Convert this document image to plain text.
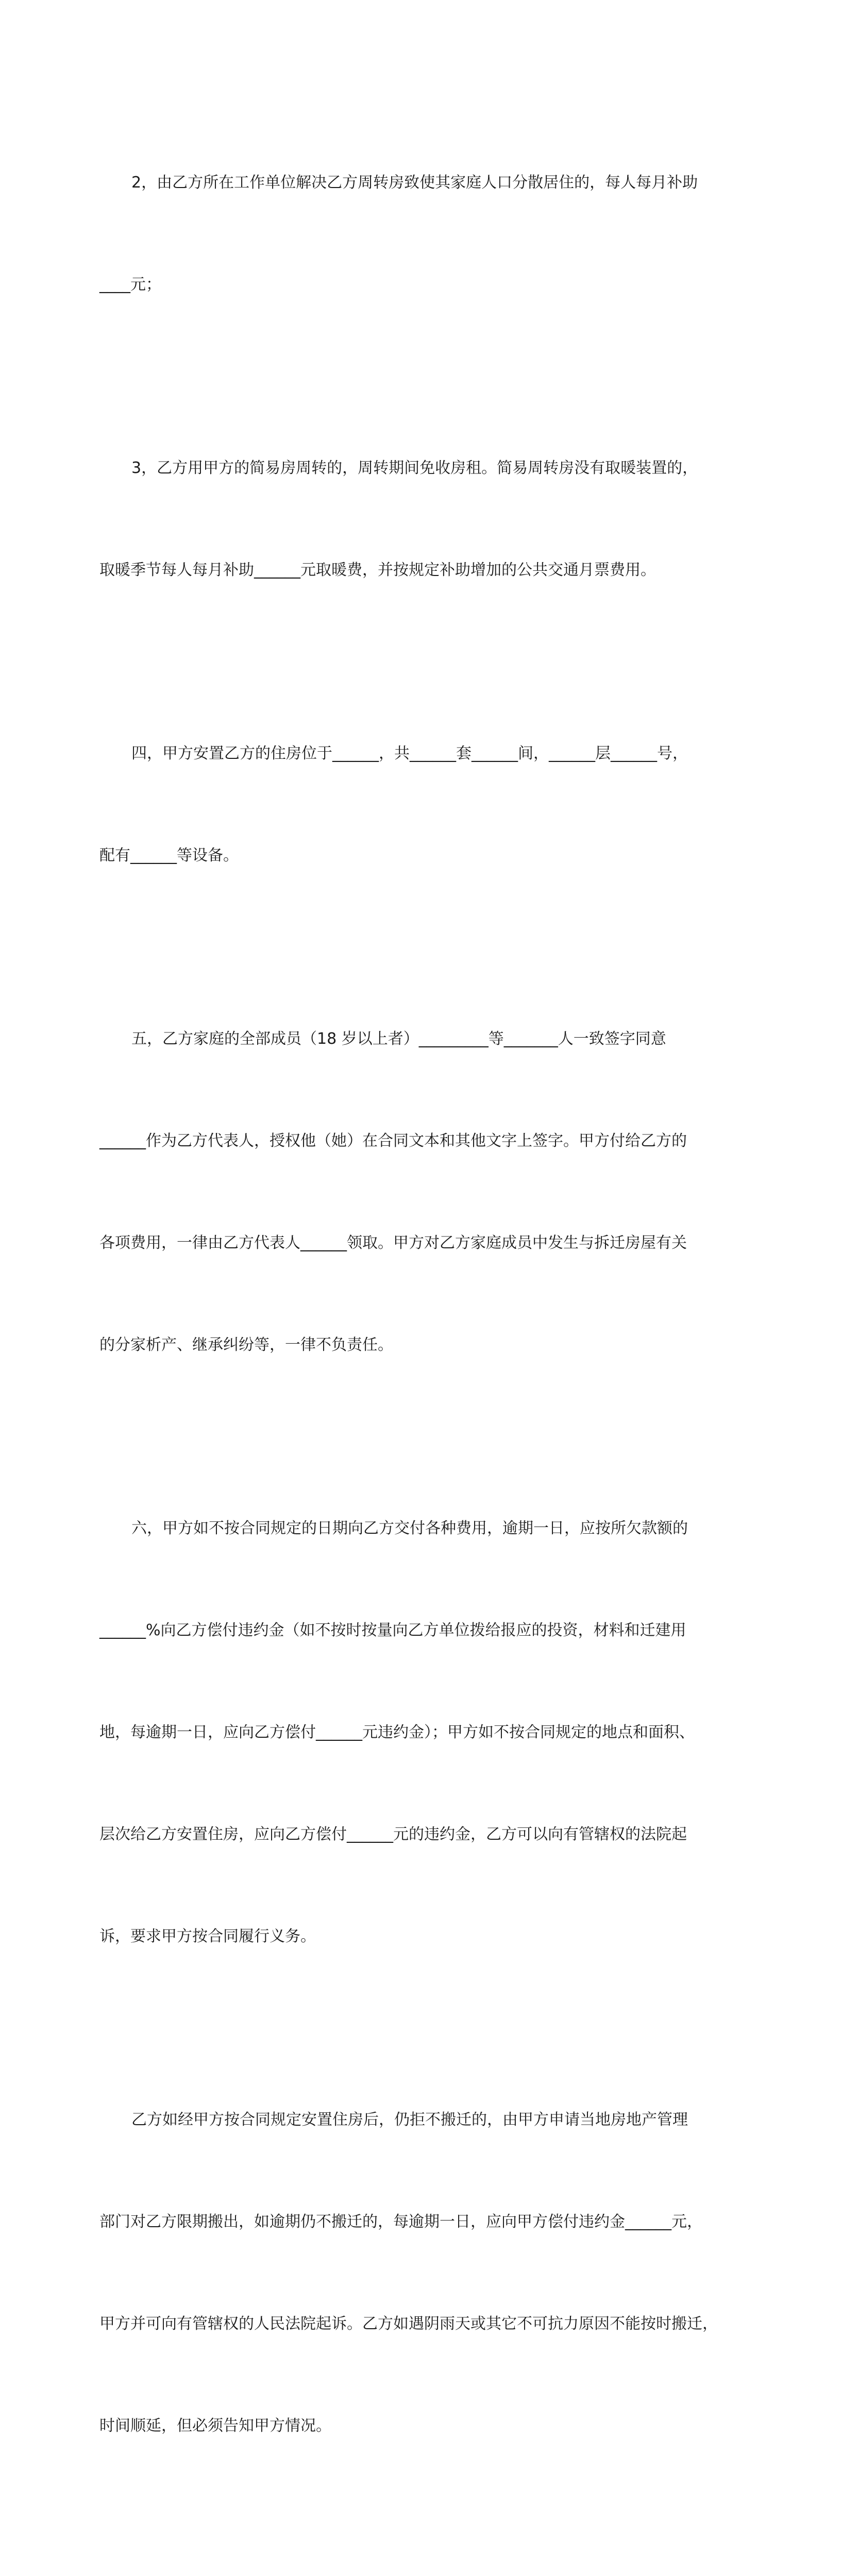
2，由乙方所在工作单位解决乙方周转房致使其家庭人口分散居住的，每人每月补助

____元；

3，乙方用甲方的简易房周转的，周转期间免收房租。简易周转房没有取暖装置的，

取暖季节每人每月补助______元取暖费，并按规定补助增加的公共交通月票费用。

四，甲方安置乙方的住房位于______，共______套______间，______层______号，

配有______等设备。

五，乙方家庭的全部成员（18 岁以上者）_________等_______人一致签字同意

______作为乙方代表人，授权他（她）在合同文本和其他文字上签字。甲方付给乙方的

各项费用，一律由乙方代表人______领取。甲方对乙方家庭成员中发生与拆迁房屋有关

的分家析产、继承纠纷等，一律不负责任。

六，甲方如不按合同规定的日期向乙方交付各种费用，逾期一日，应按所欠款额的

______%向乙方偿付违约金（如不按时按量向乙方单位拨给报应的投资，材料和迁建用

地，每逾期一日，应向乙方偿付______元违约金）；甲方如不按合同规定的地点和面积、

层次给乙方安置住房，应向乙方偿付______元的违约金，乙方可以向有管辖权的法院起

诉，要求甲方按合同履行义务。

乙方如经甲方按合同规定安置住房后，仍拒不搬迁的，由甲方申请当地房地产管理

部门对乙方限期搬出，如逾期仍不搬迁的，每逾期一日，应向甲方偿付违约金______元，

甲方并可向有管辖权的人民法院起诉。乙方如遇阴雨天或其它不可抗力原因不能按时搬迁，

时间顺延，但必须告知甲方情况。
